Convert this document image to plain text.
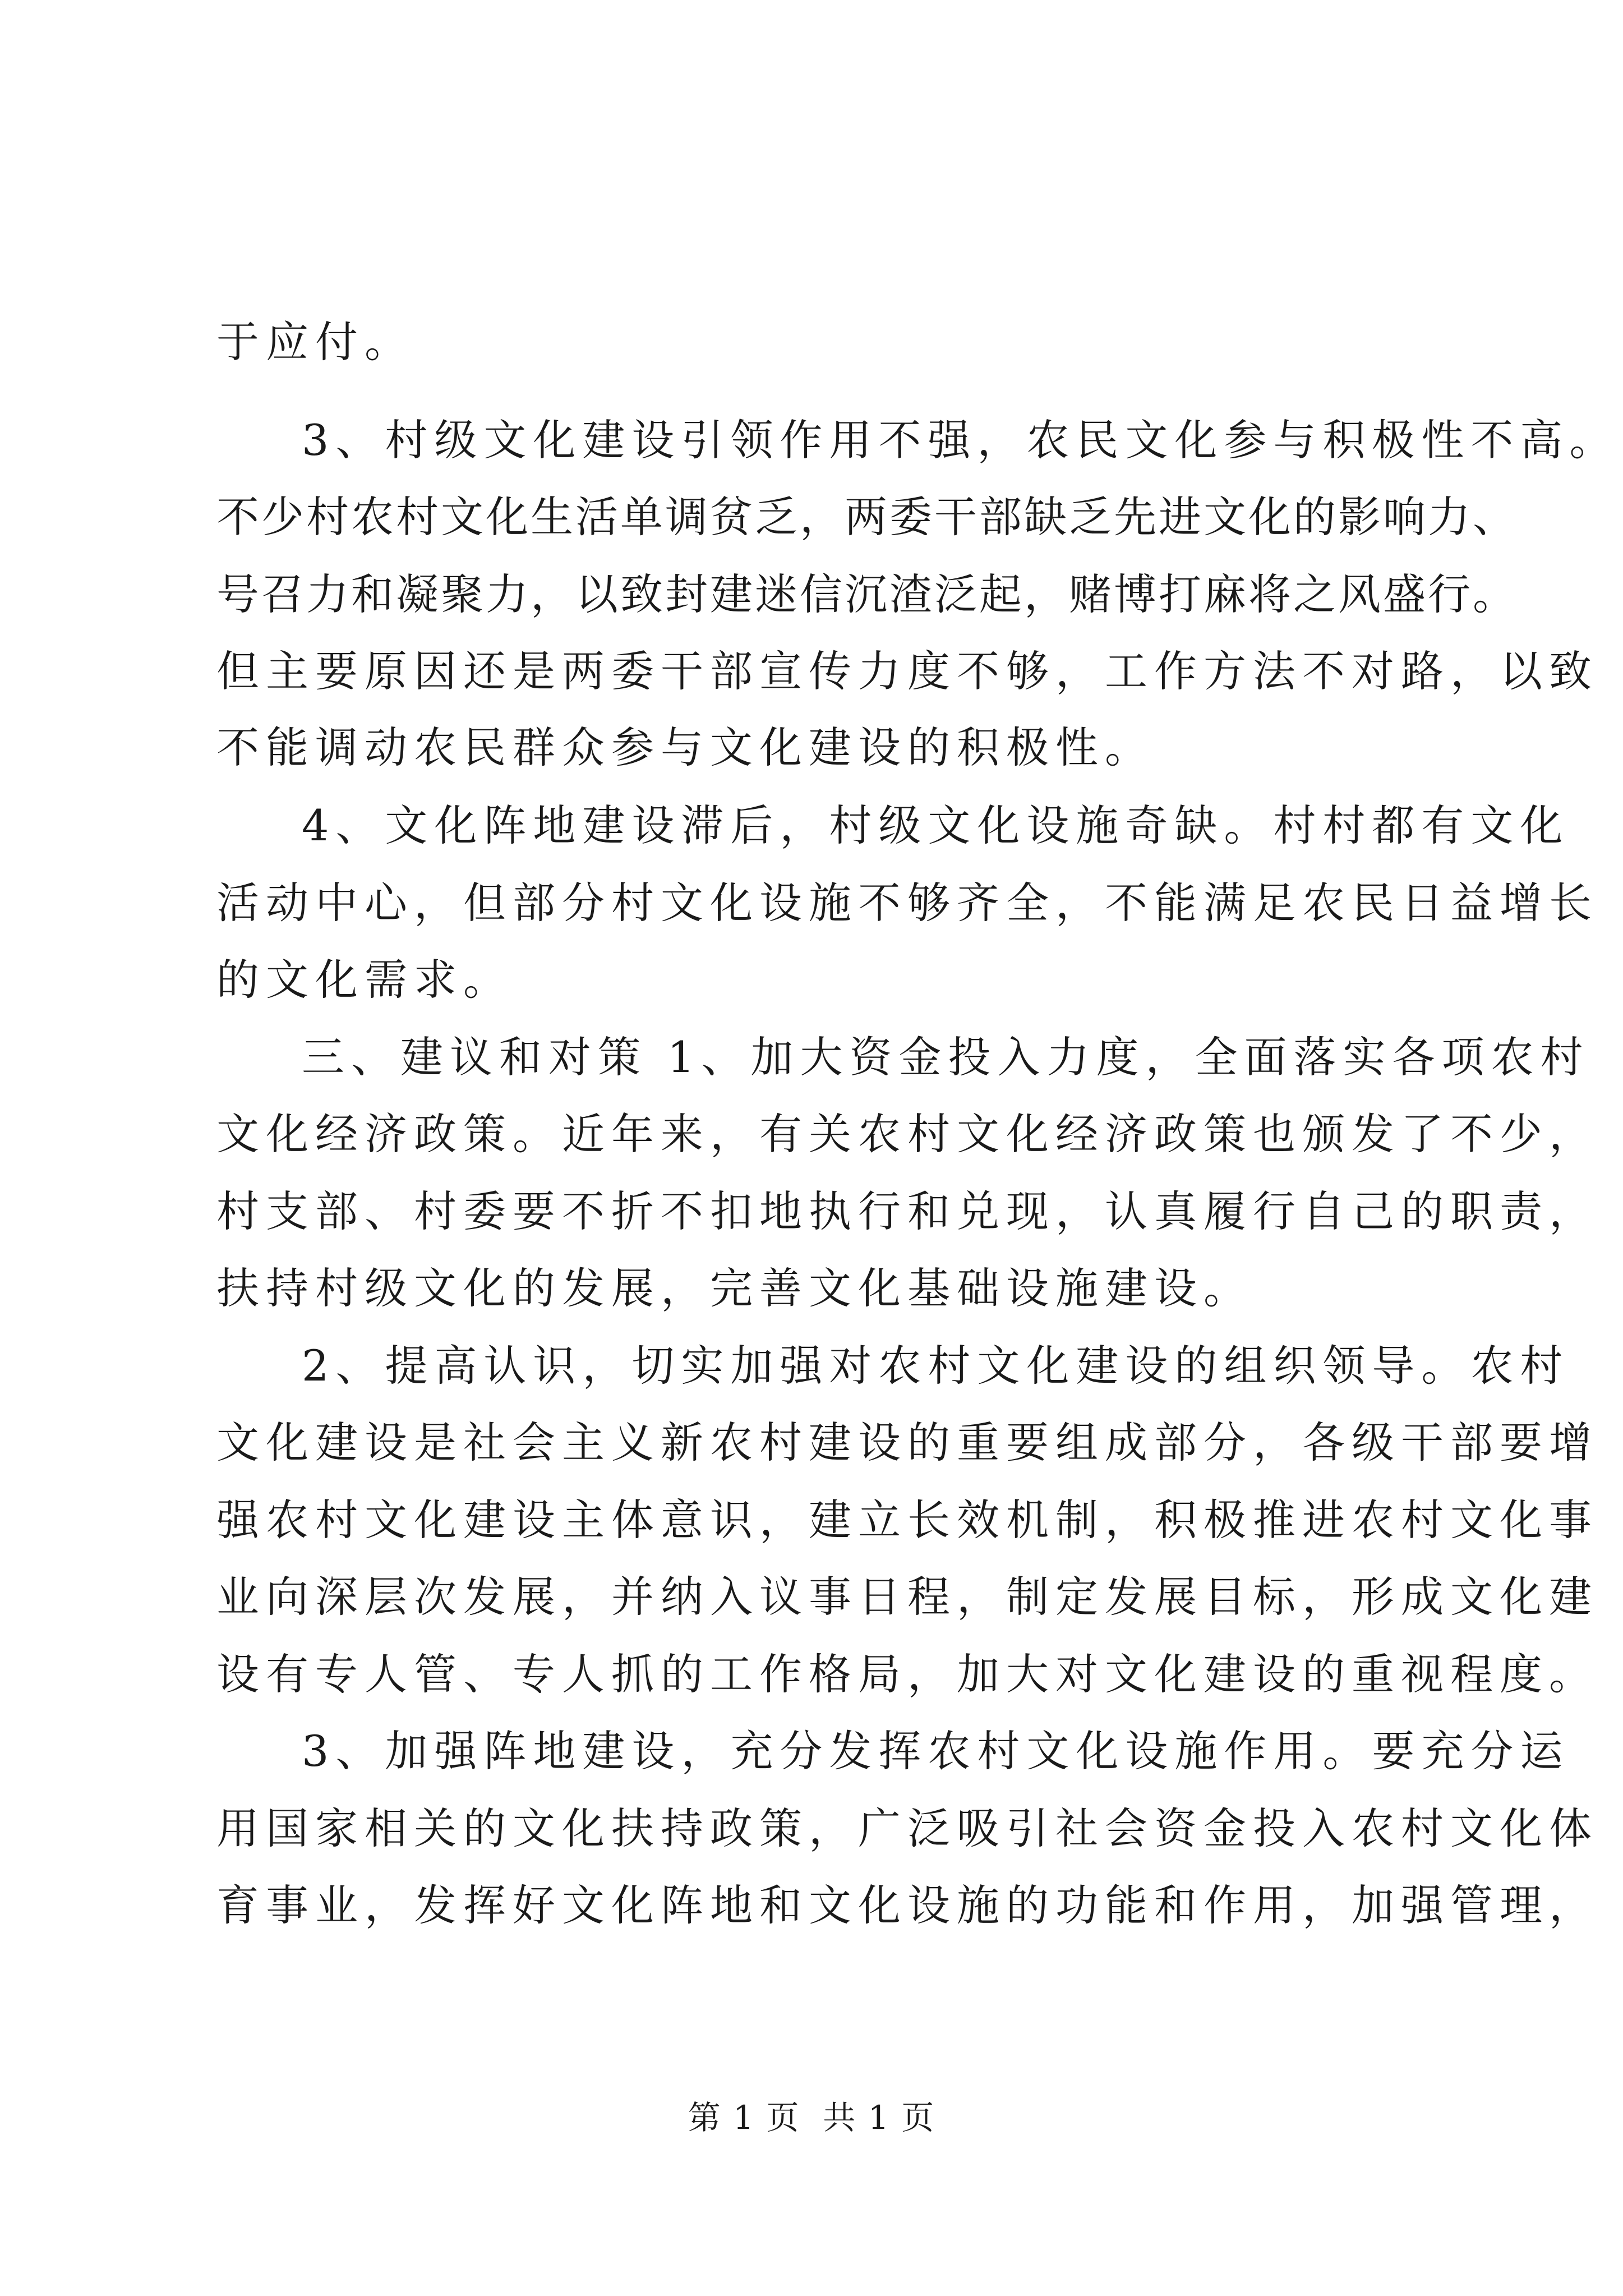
于应付。
3、村级文化建设引领作用不强，农民文化参与积极性不高。
不少村农村文化生活单调贫乏，两委干部缺乏先进文化的影响力、
号召力和凝聚力，以致封建迷信沉渣泛起，赌博打麻将之风盛行。
但主要原因还是两委干部宣传力度不够，工作方法不对路，以致
不能调动农民群众参与文化建设的积极性。
4、文化阵地建设滞后，村级文化设施奇缺。村村都有文化
活动中心，但部分村文化设施不够齐全，不能满足农民日益增长
的文化需求。
三、建议和对策 1、加大资金投入力度，全面落实各项农村
文化经济政策。近年来，有关农村文化经济政策也颁发了不少，
村支部、村委要不折不扣地执行和兑现，认真履行自己的职责，
扶持村级文化的发展，完善文化基础设施建设。
2、提高认识，切实加强对农村文化建设的组织领导。农村
文化建设是社会主义新农村建设的重要组成部分，各级干部要增
强农村文化建设主体意识，建立长效机制，积极推进农村文化事
业向深层次发展，并纳入议事日程，制定发展目标，形成文化建
设有专人管、专人抓的工作格局，加大对文化建设的重视程度。
3、加强阵地建设，充分发挥农村文化设施作用。要充分运
用国家相关的文化扶持政策，广泛吸引社会资金投入农村文化体
育事业，发挥好文化阵地和文化设施的功能和作用，加强管理，
第 1 页  共 1 页
